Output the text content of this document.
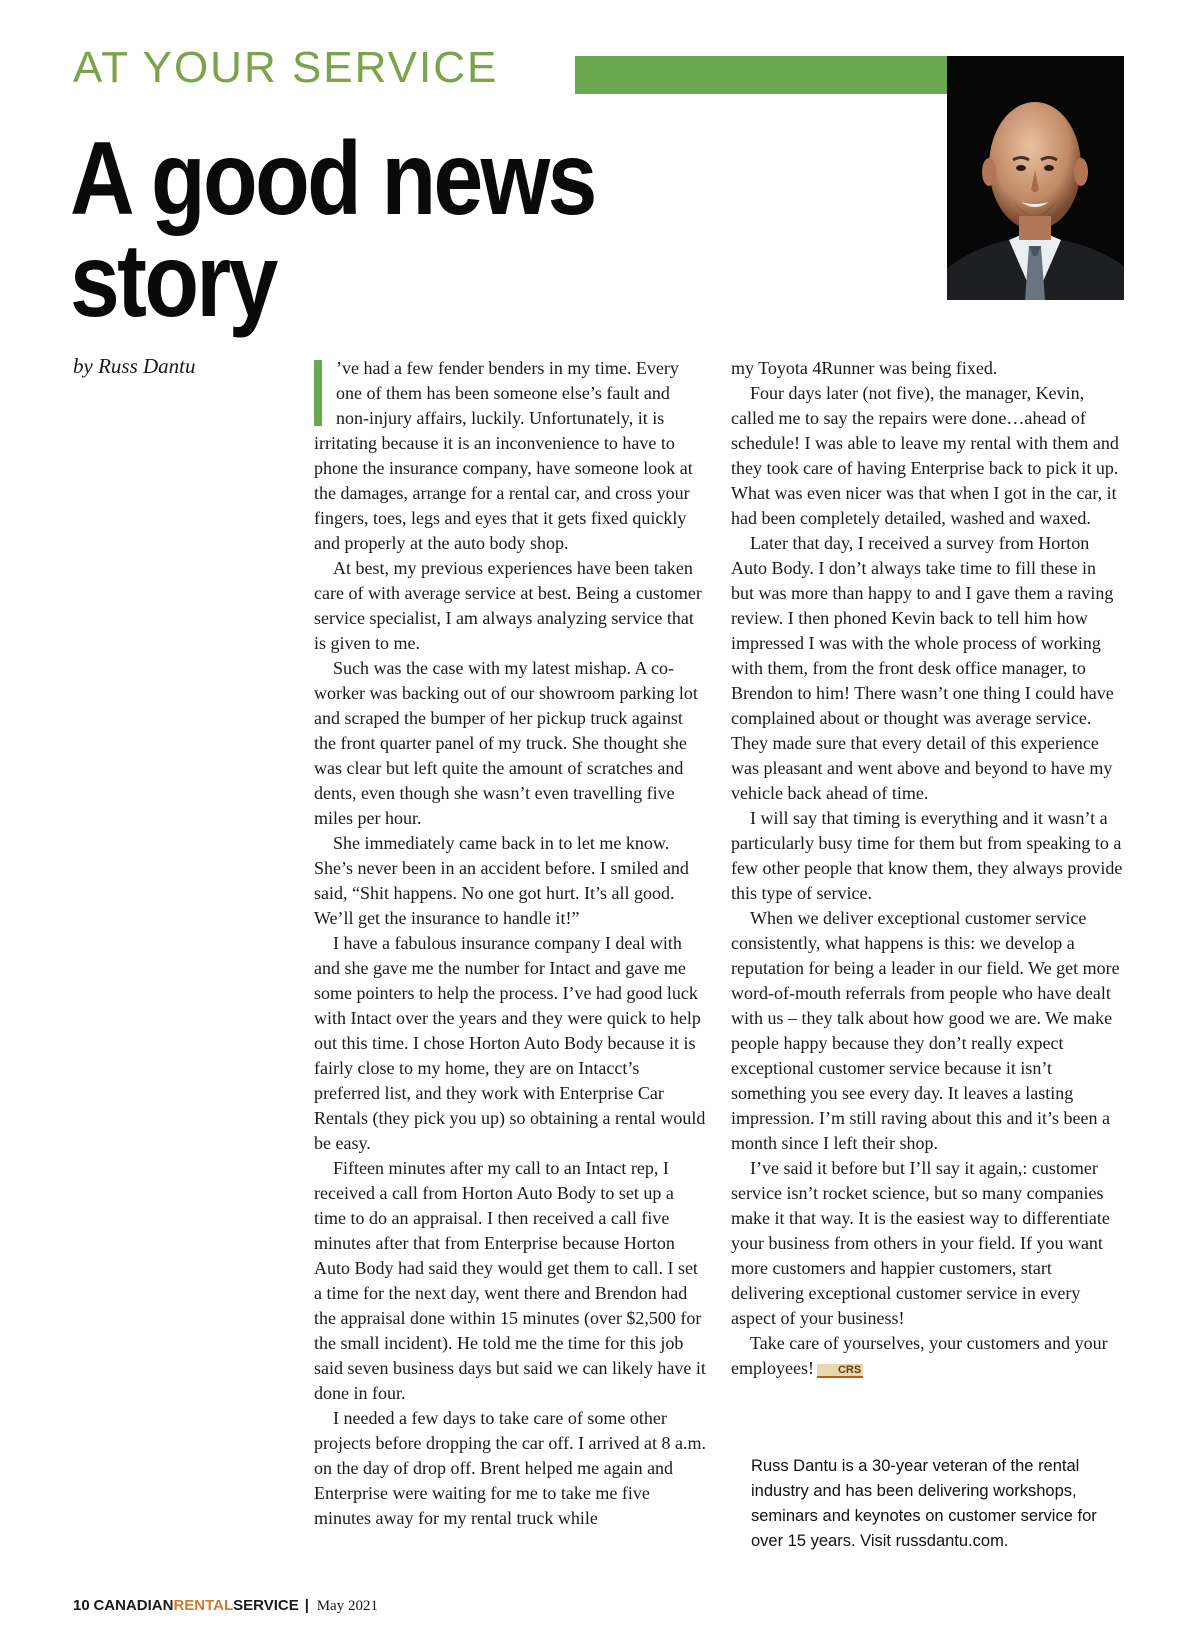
AT YOUR SERVICE
A good news
story
by Russ Dantu	’ve had a few fender benders in my time. Every one of them has been someone else’s fault and non-injury affairs, luckily. Unfortunately, it is irritating because it is an inconvenience to have to phone the insurance company, have someone look at the damages, arrange for a rental car, and cross your fingers, toes, legs and eyes that it gets fixed quickly and properly at the auto body shop.

At best, my previous experiences have been taken care of with average service at best. Being a customer service specialist, I am always analyzing service that is given to me.

Such was the case with my latest mishap. A co-worker was backing out of our showroom parking lot and scraped the bumper of her pickup truck against the front quarter panel of my truck. She thought she was clear but left quite the amount of scratches and dents, even though she wasn’t even travelling five miles per hour.

She immediately came back in to let me know. She’s never been in an accident before. I smiled and said, “Shit happens. No one got hurt. It’s all good. We’ll get the insurance to handle it!”

I have a fabulous insurance company I deal with and she gave me the number for Intact and gave me some pointers to help the process. I’ve had good luck with Intact over the years and they were quick to help out this time. I chose Horton Auto Body because it is fairly close to my home, they are on Intacct’s preferred list, and they work with Enterprise Car Rentals (they pick you up) so obtaining a rental would be easy.

Fifteen minutes after my call to an Intact rep, I received a call from Horton Auto Body to set up a time to do an appraisal. I then received a call five minutes after that from Enterprise because Horton Auto Body had said they would get them to call. I set a time for the next day, went there and Brendon had the appraisal done within 15 minutes (over $2,500 for the small incident). He told me the time for this job said seven business days but said we can likely have it done in four.

I needed a few days to take care of some other projects before dropping the car off. I arrived at 8 a.m. on the day of drop off. Brent helped me again and Enterprise were waiting for me to take me five minutes away for my rental truck while

my Toyota 4Runner was being fixed.

Four days later (not five), the manager, Kevin, called me to say the repairs were done…ahead of schedule! I was able to leave my rental with them and they took care of having Enterprise back to pick it up. What was even nicer was that when I got in the car, it had been completely detailed, washed and waxed.

Later that day, I received a survey from Horton Auto Body. I don’t always take time to fill these in but was more than happy to and I gave them a raving review. I then phoned Kevin back to tell him how impressed I was with the whole process of working with them, from the front desk office manager, to Brendon to him! There wasn’t one thing I could have complained about or thought was average service. They made sure that every detail of this experience was pleasant and went above and beyond to have my vehicle back ahead of time.

I will say that timing is everything and it wasn’t a particularly busy time for them but from speaking to a few other people that know them, they always provide this type of service.

When we deliver exceptional customer service consistently, what happens is this: we develop a reputation for being a leader in our field. We get more word-of-mouth referrals from people who have dealt with us – they talk about how good we are. We make people happy because they don’t really expect exceptional customer service because it isn’t something you see every day. It leaves a lasting impression. I’m still raving about this and it’s been a month since I left their shop.

I’ve said it before but I’ll say it again,: customer service isn’t rocket science, but so many companies make it that way. It is the easiest way to differentiate your business from others in your field. If you want more customers and happier customers, start delivering exceptional customer service in every aspect of your business!

Take care of yourselves, your customers and your employees! CRS

Russ Dantu is a 30-year veteran of the rental industry and has been delivering workshops, seminars and keynotes on customer service for over 15 years. Visit russdantu.com.
10 CANADIANRENTALSERVICE | May 2021
